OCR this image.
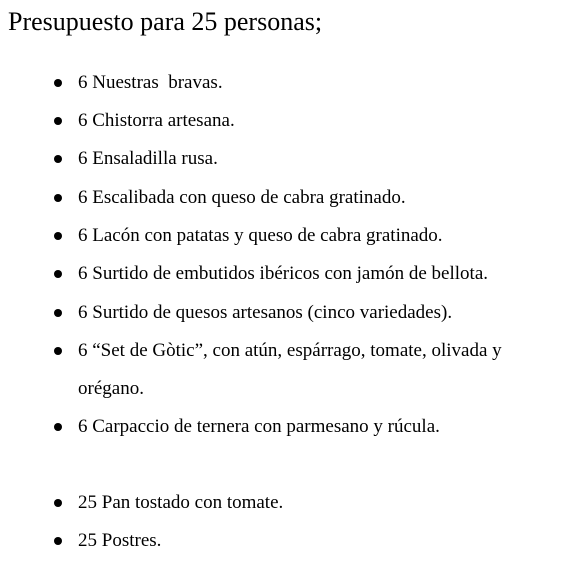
Presupuesto para 25 personas;
6 Nuestras  bravas.
6 Chistorra artesana.
6 Ensaladilla rusa.
6 Escalibada con queso de cabra gratinado.
6 Lacón con patatas y queso de cabra gratinado.
6 Surtido de embutidos ibéricos con jamón de bellota.
6 Surtido de quesos artesanos (cinco variedades).
6 “Set de Gòtic”, con atún, espárrago, tomate, olivada y orégano.
6 Carpaccio de ternera con parmesano y rúcula.
25 Pan tostado con tomate.
25 Postres.
